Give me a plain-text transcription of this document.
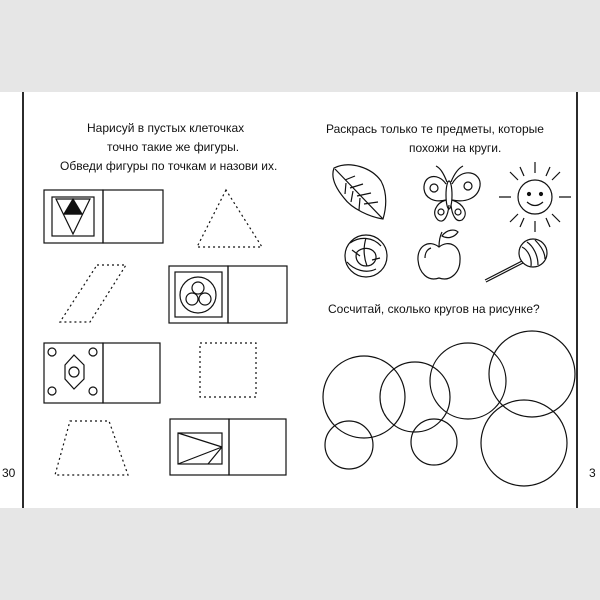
30	3
Нарисуй в пустых клеточках
точно такие же фигуры.
Обведи фигуры по точкам и назови их.
Раскрась только те предметы, которые
похожи на круги.
Сосчитай, сколько кругов на рисунке?
